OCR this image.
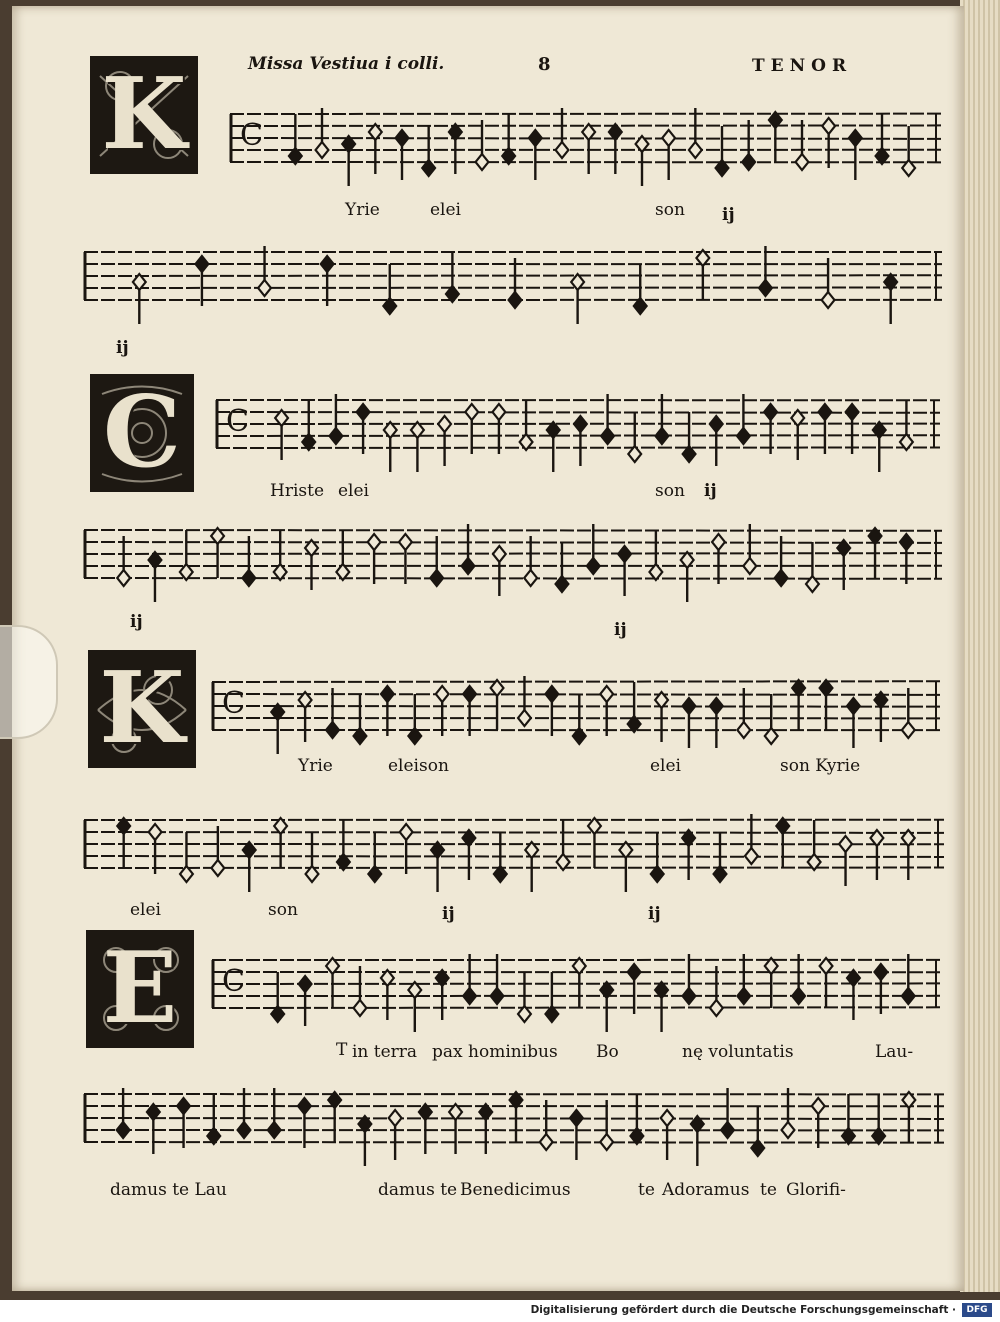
Missa Vestiua i colli.	8	TENOR
K
C
K
E
C
C
C
C
Yrie	elei	son ij
ij
Hriste elei	son ij
ij	ij
Yrie	eleison	elei	son Kyrie
elei	son	ij	ij
T in terra pax hominibus Bo	nę voluntatis	Lau-
damus te Lau	damus te Benedicimus	te Adoramus te Glorifi-
Digitalisierung gefördert durch die Deutsche Forschungsgemeinschaft ·	DFG
